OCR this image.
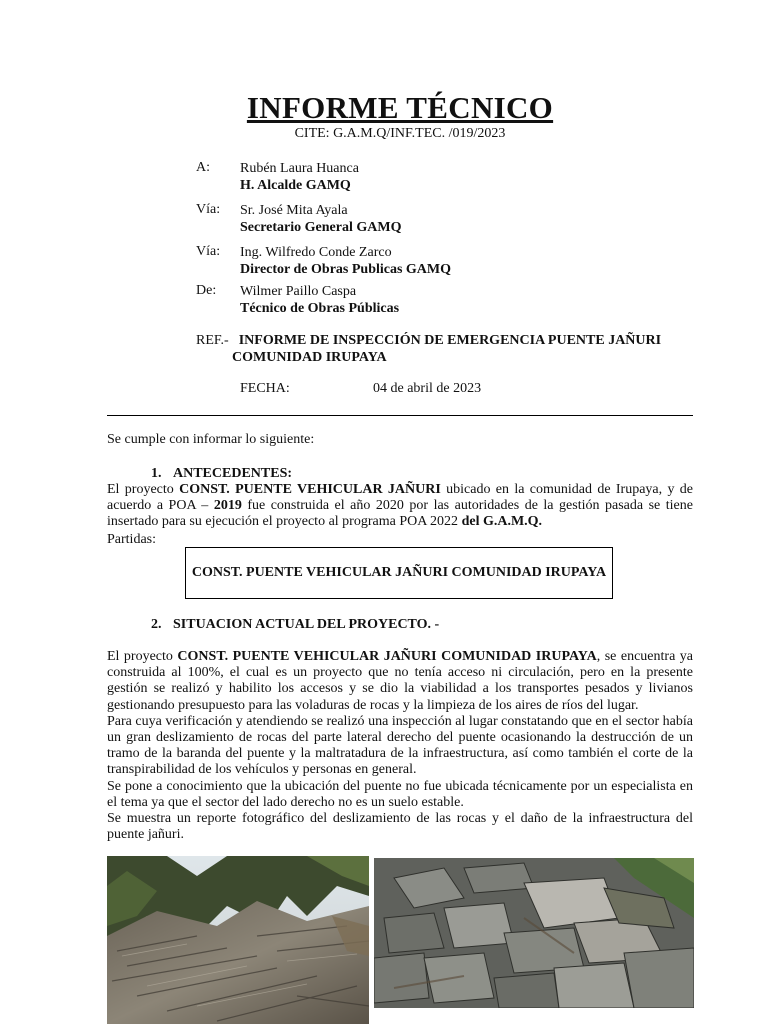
INFORME TÉCNICO
CITE: G.A.M.Q/INF.TEC. /019/2023
A: Rubén Laura Huanca
H. Alcalde GAMQ
Vía: Sr. José Mita Ayala
Secretario General GAMQ
Vía: Ing. Wilfredo Conde Zarco
Director de Obras Publicas GAMQ
De: Wilmer Paillo Caspa
Técnico de Obras Públicas
REF.- INFORME DE INSPECCIÓN DE EMERGENCIA PUENTE JAÑURI
COMUNIDAD IRUPAYA
FECHA:	04 de abril de 2023
Se cumple con informar lo siguiente:
1. ANTECEDENTES:
El proyecto CONST. PUENTE VEHICULAR JAÑURI ubicado en la comunidad de Irupaya, y de acuerdo a POA – 2019 fue construida el año 2020 por las autoridades de la gestión pasada se tiene insertado para su ejecución el proyecto al programa POA 2022 del G.A.M.Q.
Partidas:
CONST. PUENTE VEHICULAR JAÑURI COMUNIDAD IRUPAYA
2. SITUACION ACTUAL DEL PROYECTO. -
El proyecto CONST. PUENTE VEHICULAR JAÑURI COMUNIDAD IRUPAYA, se encuentra ya construida al 100%, el cual es un proyecto que no tenía acceso ni circulación, pero en la presente gestión se realizó y habilito los accesos y se dio la viabilidad a los transportes pesados y livianos gestionando presupuesto para las voladuras de rocas y la limpieza de los aires de ríos del lugar.
Para cuya verificación y atendiendo se realizó una inspección al lugar constatando que en el sector había un gran deslizamiento de rocas del parte lateral derecho del puente ocasionando la destrucción de un tramo de la baranda del puente y la maltratadura de la infraestructura, así como también el corte de la transpirabilidad de los vehículos y personas en general.
Se pone a conocimiento que la ubicación del puente no fue ubicada técnicamente por un especialista en el tema ya que el sector del lado derecho no es un suelo estable.
Se muestra un reporte fotográfico del deslizamiento de las rocas y el daño de la infraestructura del puente jañuri.
